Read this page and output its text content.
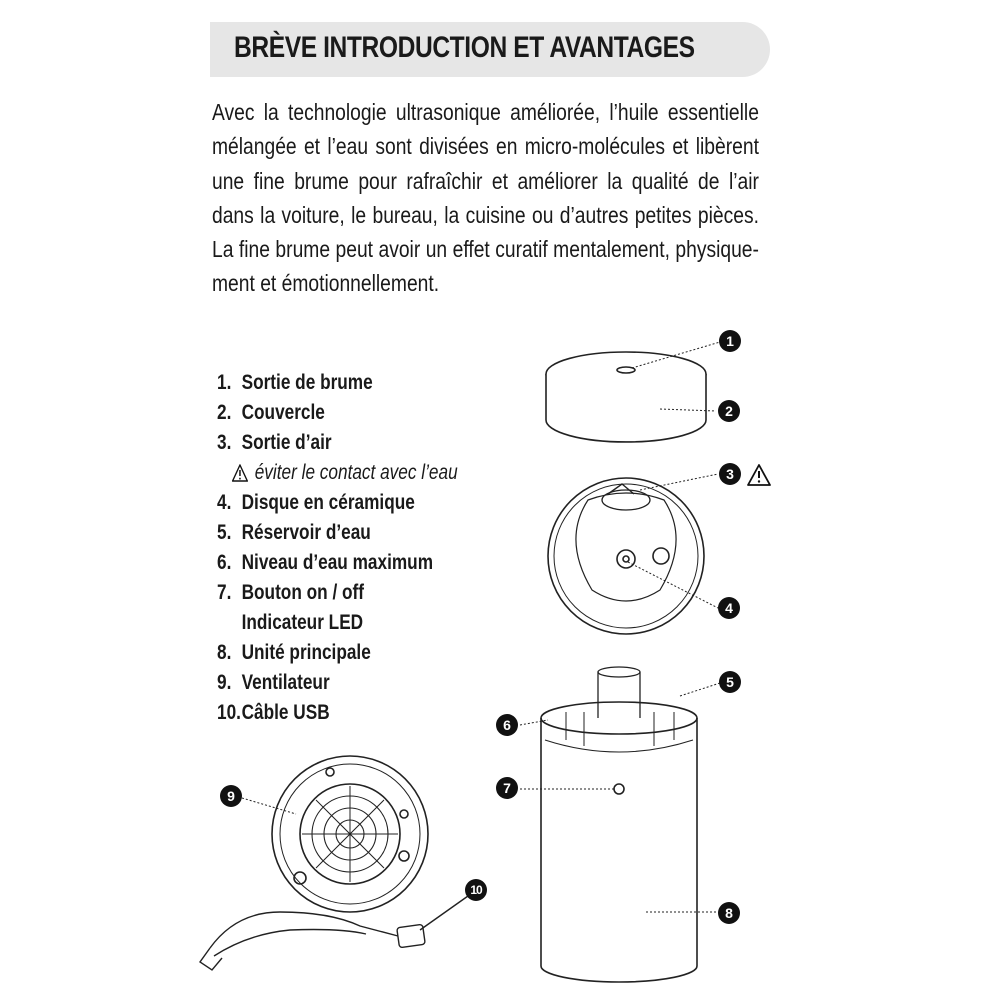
BRÈVE INTRODUCTION ET AVANTAGES

Avec la technologie ultrasonique améliorée, l’huile essentielle mélangée et l’eau sont divisées en micro-molécules et libèrent une fine brume pour rafraîchir et améliorer la qualité de l’air dans la voiture, le bureau, la cuisine ou d’autres petites pièces. La fine brume peut avoir un effet curatif mentalement, physique-ment et émotionnellement.

1. Sortie de brume
2. Couvercle
3. Sortie d’air
éviter le contact avec l’eau
4. Disque en céramique
5. Réservoir d’eau
6. Niveau d’eau maximum
7. Bouton on / off
Indicateur LED
8. Unité principale
9. Ventilateur
10.Câble USB
1
2
3
4
5
6
7
8
9
10
